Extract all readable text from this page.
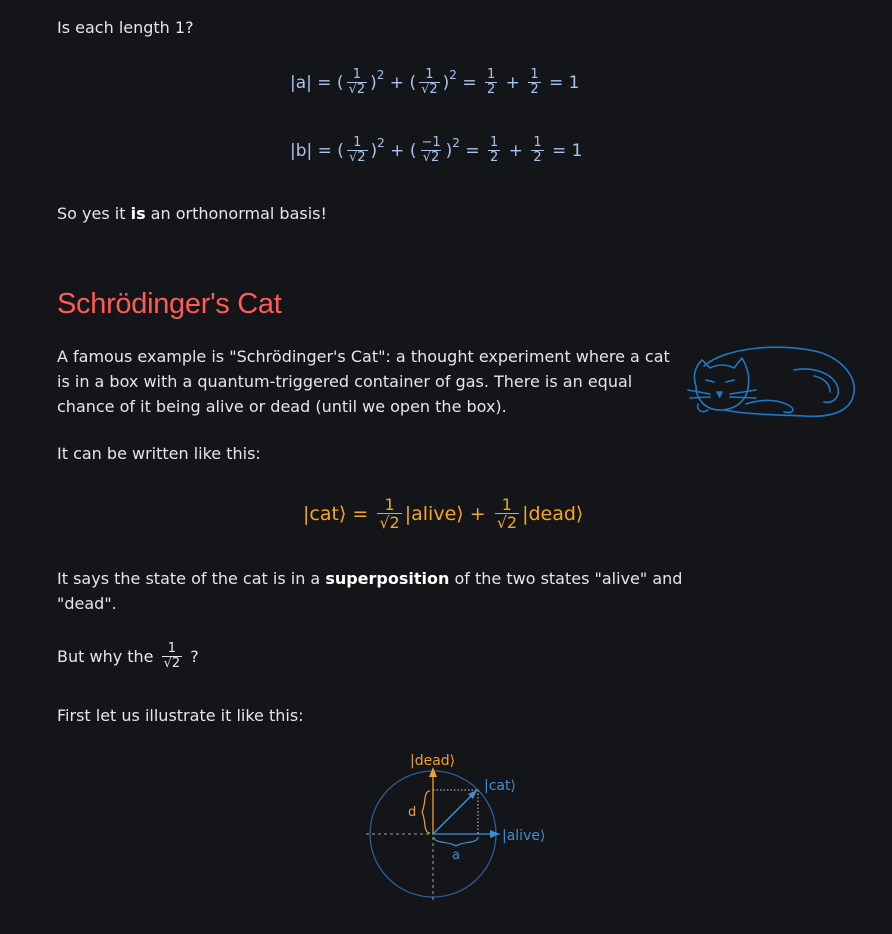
Is each length 1?

|a| = ( $\frac{1}{√2}$ ) 2 + ( $\frac{1}{√2}$ ) $2 = \frac{1}{2} + \frac{1}{2} = 1$
|b| = ( $\frac{1}{√2}$ ) 2 + ( $\frac{-1}{√2}$ ) $2 = \frac{1}{2} + \frac{1}{2} = 1$

So yes it is an orthonormal basis!

Schrödinger's Cat

A famous example is "Schrödinger's Cat": a thought experiment where a cat
is in a box with a quantum-triggered container of gas. There is an equal
chance of it being alive or dead (until we open the box).

It can be written like this:

|cat⟩ = $\frac{1}{√2}$ |alive⟩ + $\frac{1}{√2}$ |dead⟩

It says the state of the cat is in a superposition of the two states "alive" and
"dead".

But why the $\frac{1}{√2}$ ?

First let us illustrate it like this:

|dead⟩
|cat⟩
|alive⟩
d
a
